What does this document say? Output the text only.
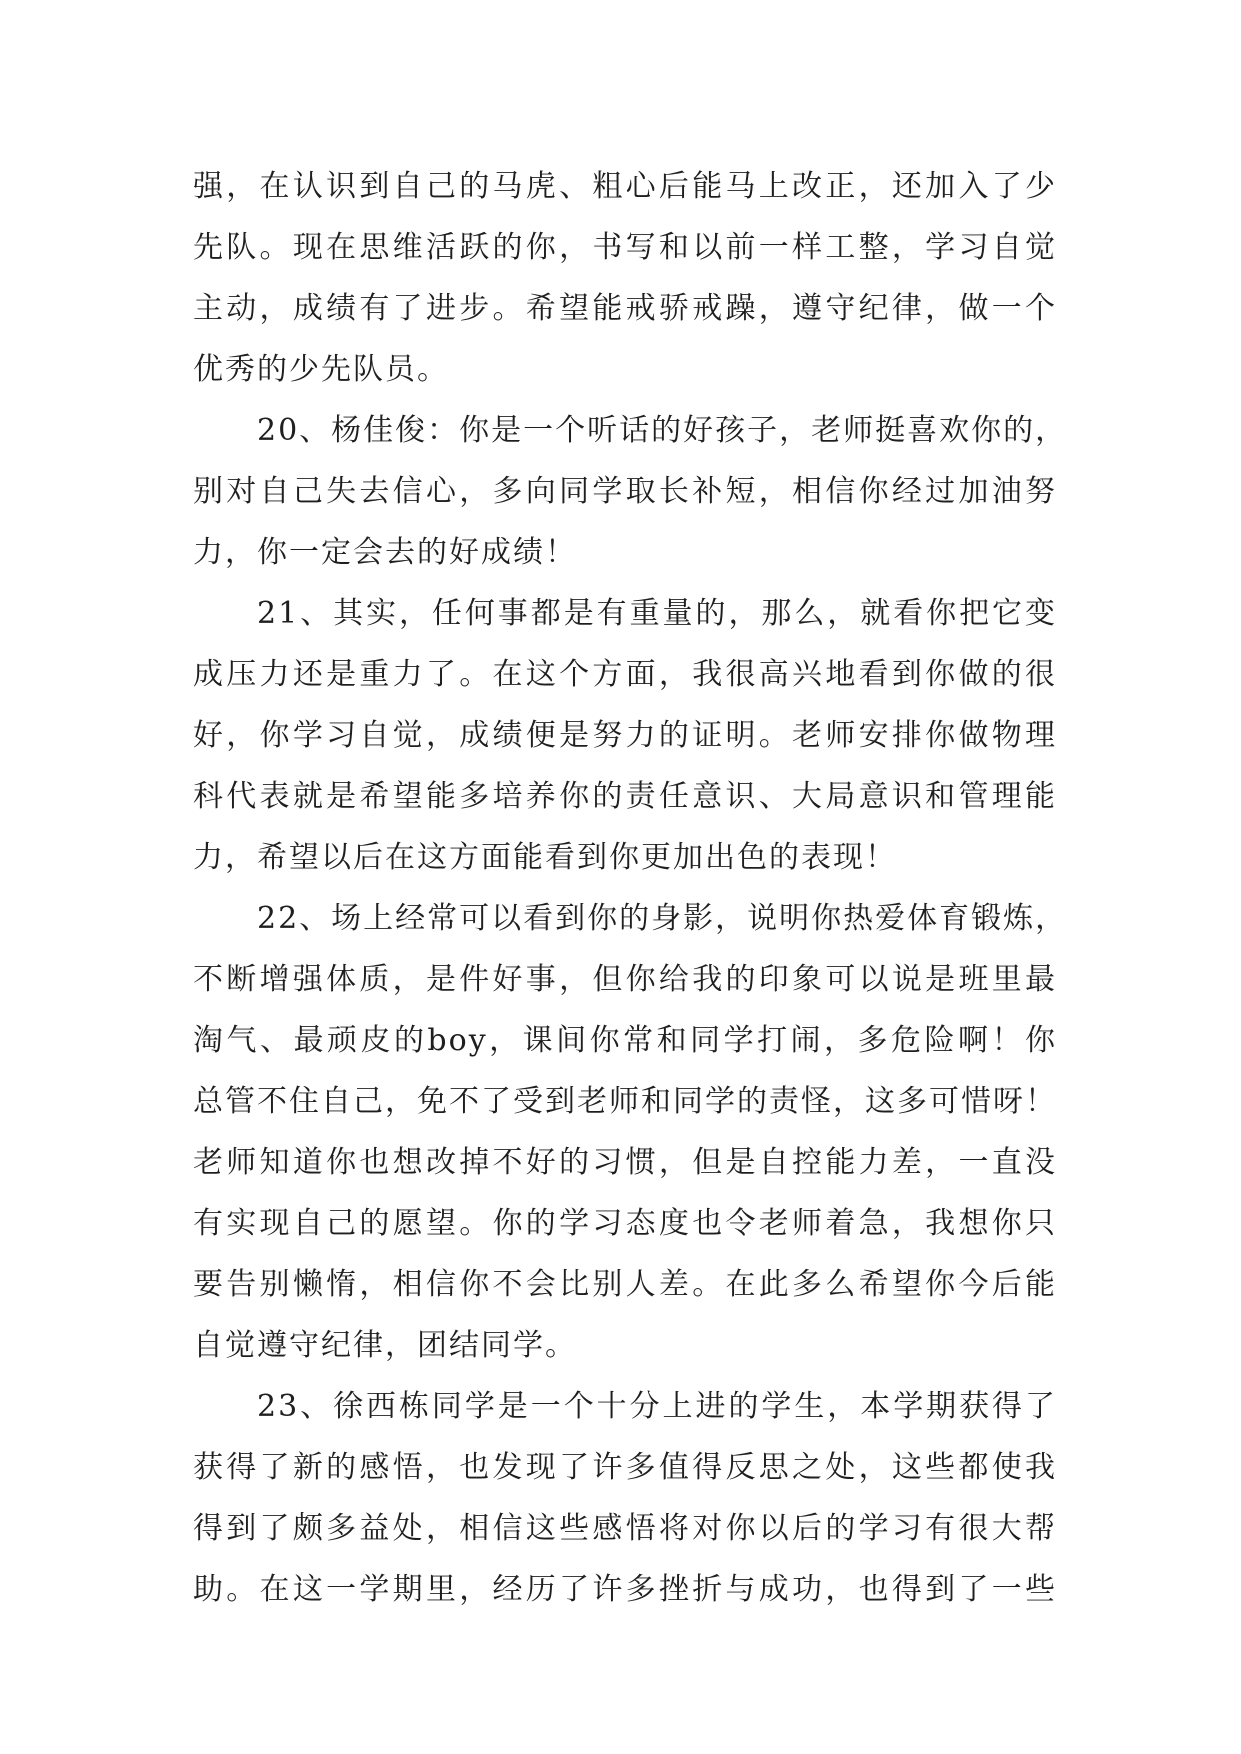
强，在认识到自己的马虎、粗心后能马上改正，还加入了少
先队。现在思维活跃的你，书写和以前一样工整，学习自觉
主动，成绩有了进步。希望能戒骄戒躁，遵守纪律，做一个
优秀的少先队员。
20、杨佳俊：你是一个听话的好孩子，老师挺喜欢你的，
别对自己失去信心，多向同学取长补短，相信你经过加油努
力，你一定会去的好成绩！
21、其实，任何事都是有重量的，那么，就看你把它变
成压力还是重力了。在这个方面，我很高兴地看到你做的很
好，你学习自觉，成绩便是努力的证明。老师安排你做物理
科代表就是希望能多培养你的责任意识、大局意识和管理能
力，希望以后在这方面能看到你更加出色的表现！
22、场上经常可以看到你的身影，说明你热爱体育锻炼，
不断增强体质，是件好事，但你给我的印象可以说是班里最
淘气、最顽皮的boy，课间你常和同学打闹，多危险啊！你
总管不住自己，免不了受到老师和同学的责怪，这多可惜呀！
老师知道你也想改掉不好的习惯，但是自控能力差，一直没
有实现自己的愿望。你的学习态度也令老师着急，我想你只
要告别懒惰，相信你不会比别人差。在此多么希望你今后能
自觉遵守纪律，团结同学。
23、徐西栋同学是一个十分上进的学生，本学期获得了
获得了新的感悟，也发现了许多值得反思之处，这些都使我
得到了颇多益处，相信这些感悟将对你以后的学习有很大帮
助。在这一学期里，经历了许多挫折与成功，也得到了一些
